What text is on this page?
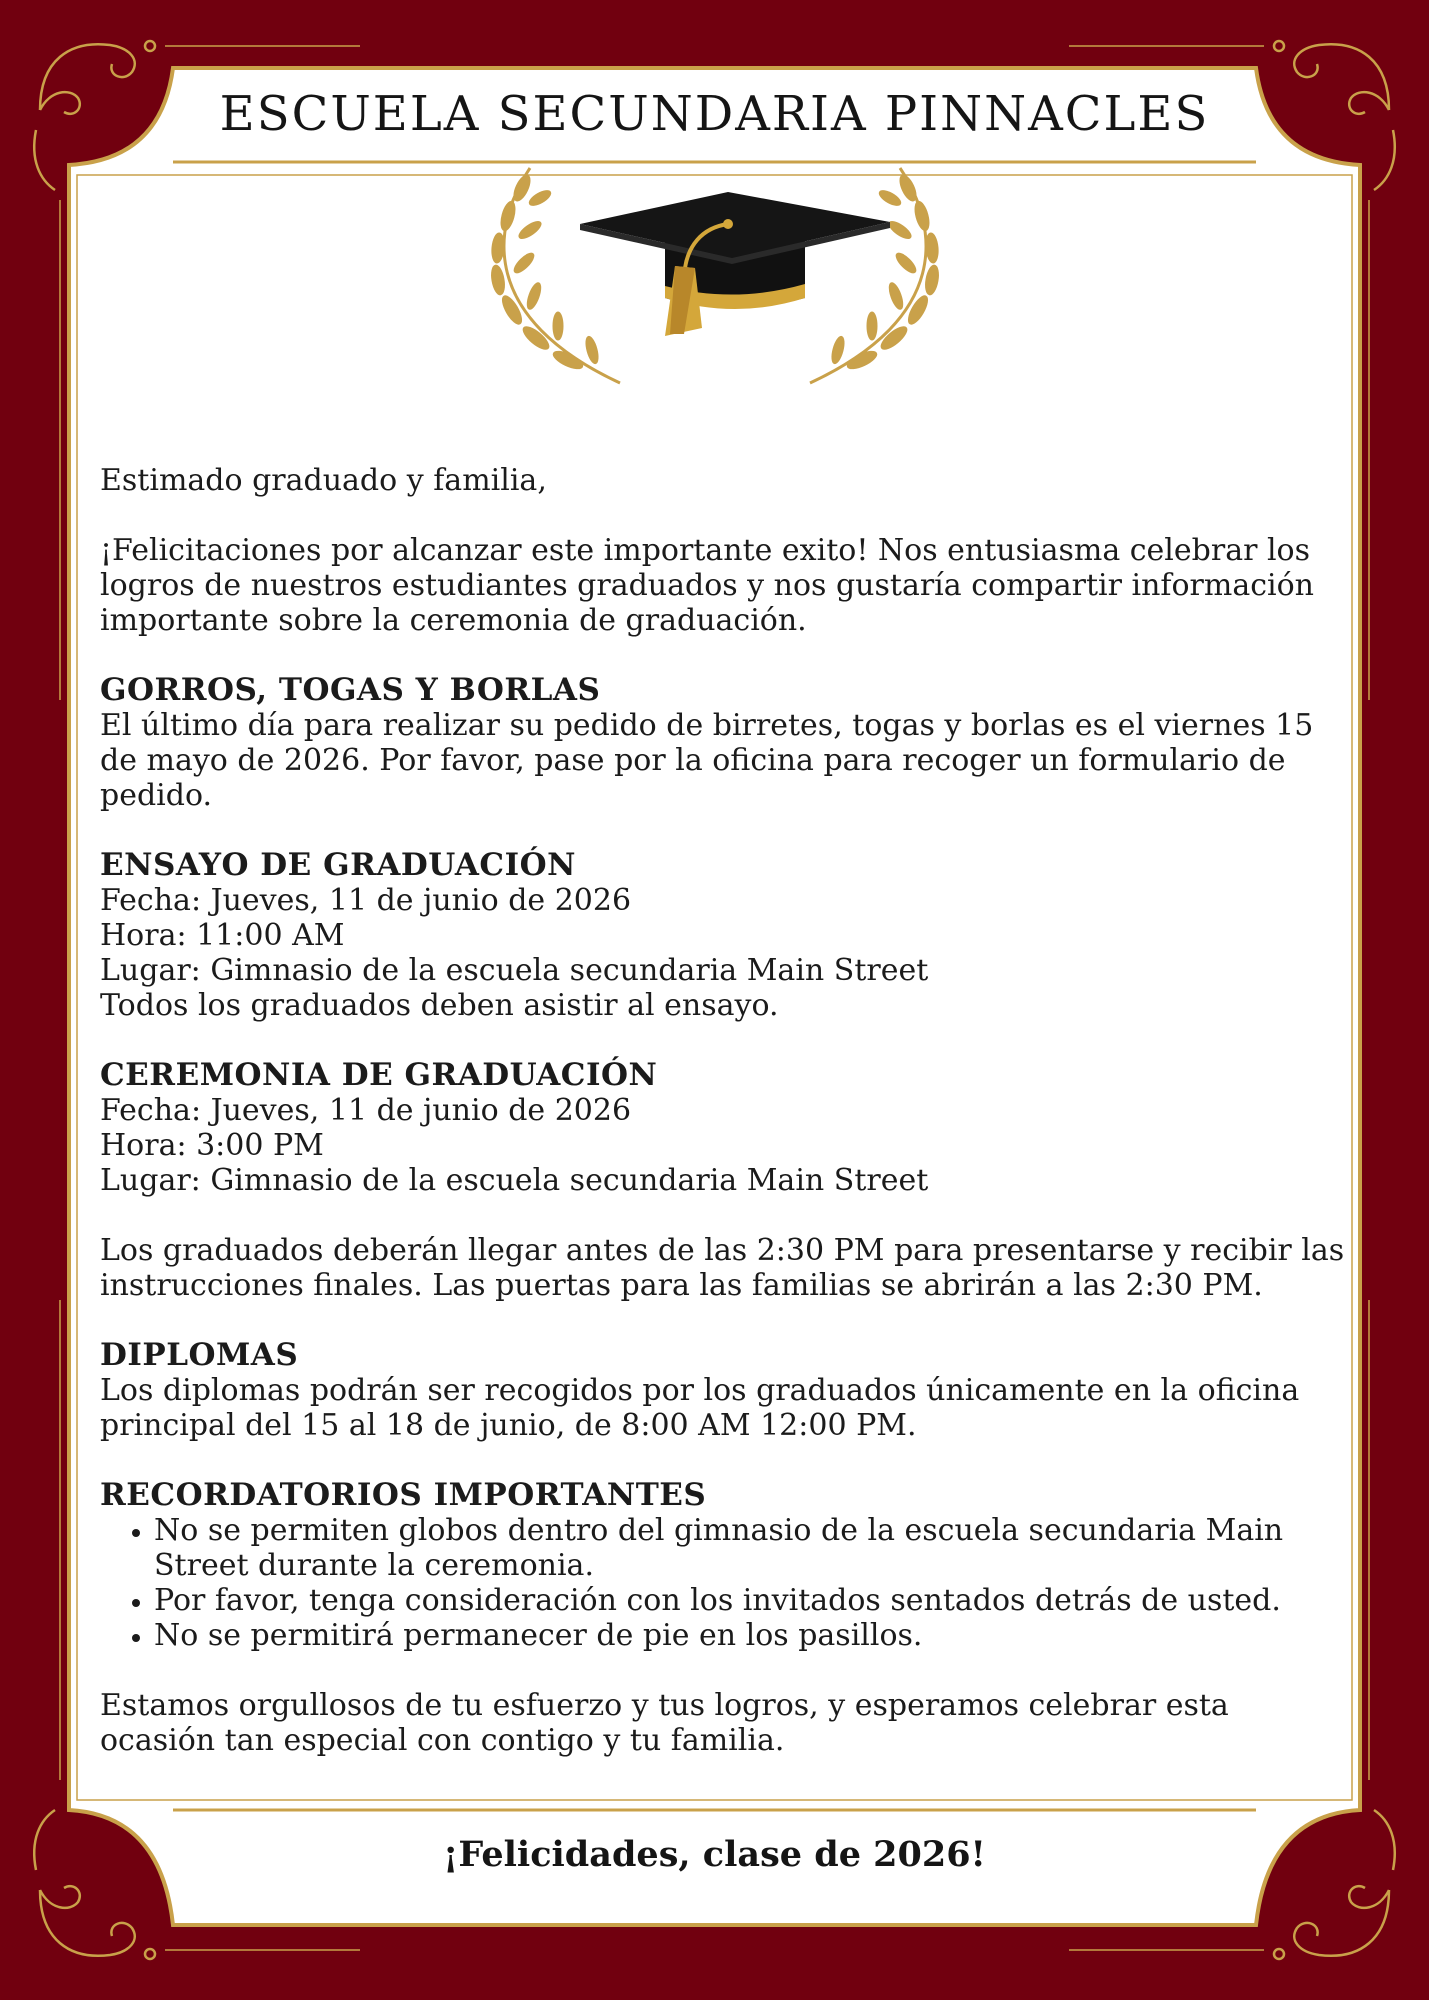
ESCUELA SECUNDARIA PINNACLES

Estimado graduado y familia,

¡Felicitaciones por alcanzar este importante exito! Nos entusiasma celebrar los logros de nuestros estudiantes graduados y nos gustaría compartir información importante sobre la ceremonia de graduación.

GORROS, TOGAS Y BORLAS

El último día para realizar su pedido de birretes, togas y borlas es el viernes 15 de mayo de 2026. Por favor, pase por la oficina para recoger un formulario de pedido.

ENSAYO DE GRADUACIÓN

Fecha: Jueves, 11 de junio de 2026

Hora: 11:00 AM

Lugar: Gimnasio de la escuela secundaria Main Street

Todos los graduados deben asistir al ensayo.

CEREMONIA DE GRADUACIÓN

Fecha: Jueves, 11 de junio de 2026

Hora: 3:00 PM

Lugar: Gimnasio de la escuela secundaria Main Street

Los graduados deberán llegar antes de las 2:30 PM para presentarse y recibir las instrucciones finales. Las puertas para las familias se abrirán a las 2:30 PM.

DIPLOMAS

Los diplomas podrán ser recogidos por los graduados únicamente en la oficina principal del 15 al 18 de junio, de 8:00 AM 12:00 PM.

RECORDATORIOS IMPORTANTES
• No se permiten globos dentro del gimnasio de la escuela secundaria Main Street durante la ceremonia.
• Por favor, tenga consideración con los invitados sentados detrás de usted.
• No se permitirá permanecer de pie en los pasillos.

Estamos orgullosos de tu esfuerzo y tus logros, y esperamos celebrar esta ocasión tan especial con contigo y tu familia.

¡Felicidades, clase de 2026!
